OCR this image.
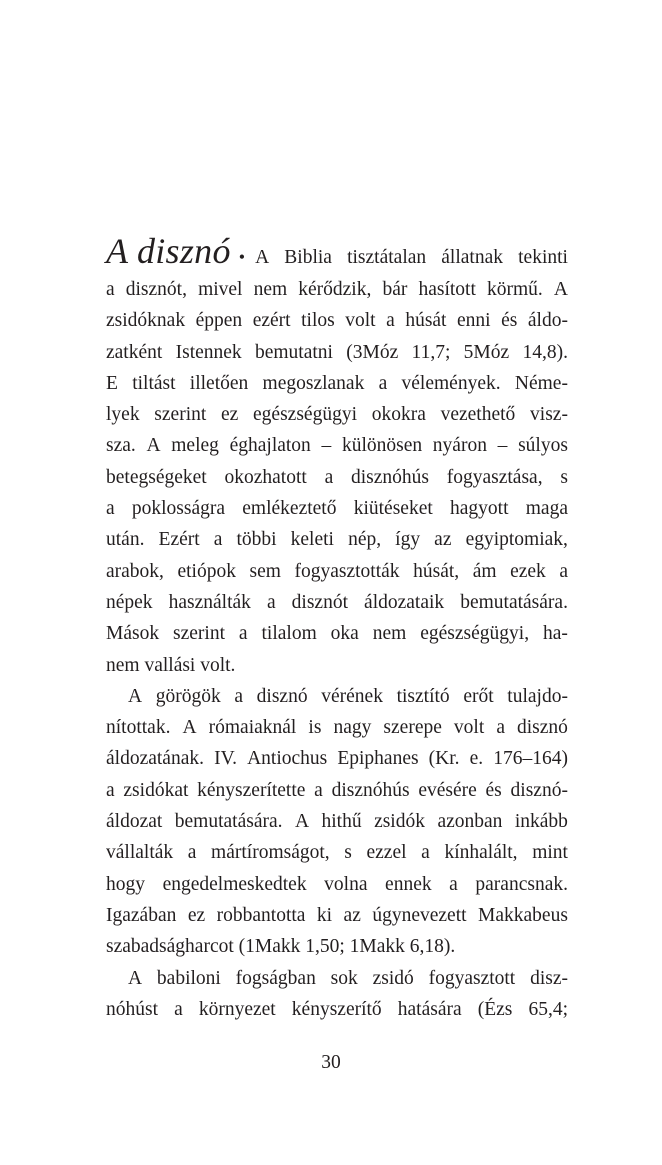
A disznó • A Biblia tisztátalan állatnak tekinti
a disznót, mivel nem kérődzik, bár hasított körmű. A
zsidóknak éppen ezért tilos volt a húsát enni és áldo-
zatként Istennek bemutatni (3Móz 11,7; 5Móz 14,8).
E tiltást illetően megoszlanak a vélemények. Néme-
lyek szerint ez egészségügyi okokra vezethető visz-
sza. A meleg éghajlaton – különösen nyáron – súlyos
betegségeket okozhatott a disznóhús fogyasztása, s
a poklosságra emlékeztető kiütéseket hagyott maga
után. Ezért a többi keleti nép, így az egyiptomiak,
arabok, etiópok sem fogyasztották húsát, ám ezek a
népek használták a disznót áldozataik bemutatására.
Mások szerint a tilalom oka nem egészségügyi, ha-
nem vallási volt.
A görögök a disznó vérének tisztító erőt tulajdo-
nítottak. A rómaiaknál is nagy szerepe volt a disznó
áldozatának. IV. Antiochus Epiphanes (Kr. e. 176–164)
a zsidókat kényszerítette a disznóhús evésére és disznó-
áldozat bemutatására. A hithű zsidók azonban inkább
vállalták a mártíromságot, s ezzel a kínhalált, mint
hogy engedelmeskedtek volna ennek a parancsnak.
Igazában ez robbantotta ki az úgynevezett Makkabeus
szabadságharcot (1Makk 1,50; 1Makk 6,18).
A babiloni fogságban sok zsidó fogyasztott disz-
nóhúst a környezet kényszerítő hatására (Ézs 65,4;
30
